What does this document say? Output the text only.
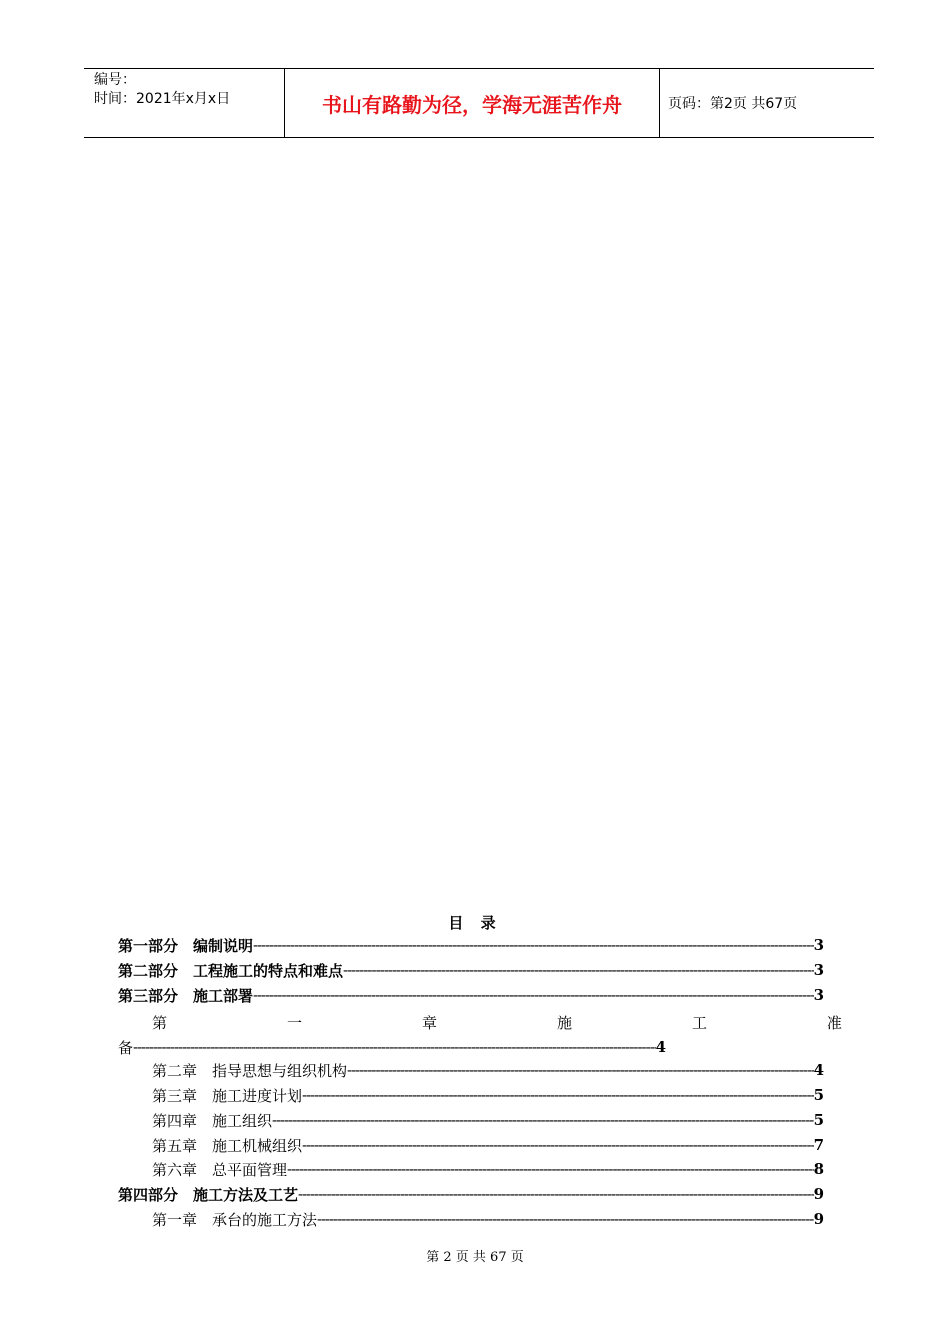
编号：
时间：2021年x月x日	书山有路勤为径，学海无涯苦作舟	页码：第2页 共67页
目 录
第一部分　编制说明 -----	3
第二部分　工程施工的特点和难点 -----	3
第三部分　施工部署 -----	3
第	一	章	施	工	准
备 -----	4
第二章　指导思想与组织机构 -----	4
第三章　施工进度计划 -----	5
第四章　施工组织 -----	5
第五章　施工机械组织 -----	7
第六章　总平面管理 -----	8
第四部分　施工方法及工艺 -----	9
第一章　承台的施工方法 -----	9
第 2 页 共 67 页
